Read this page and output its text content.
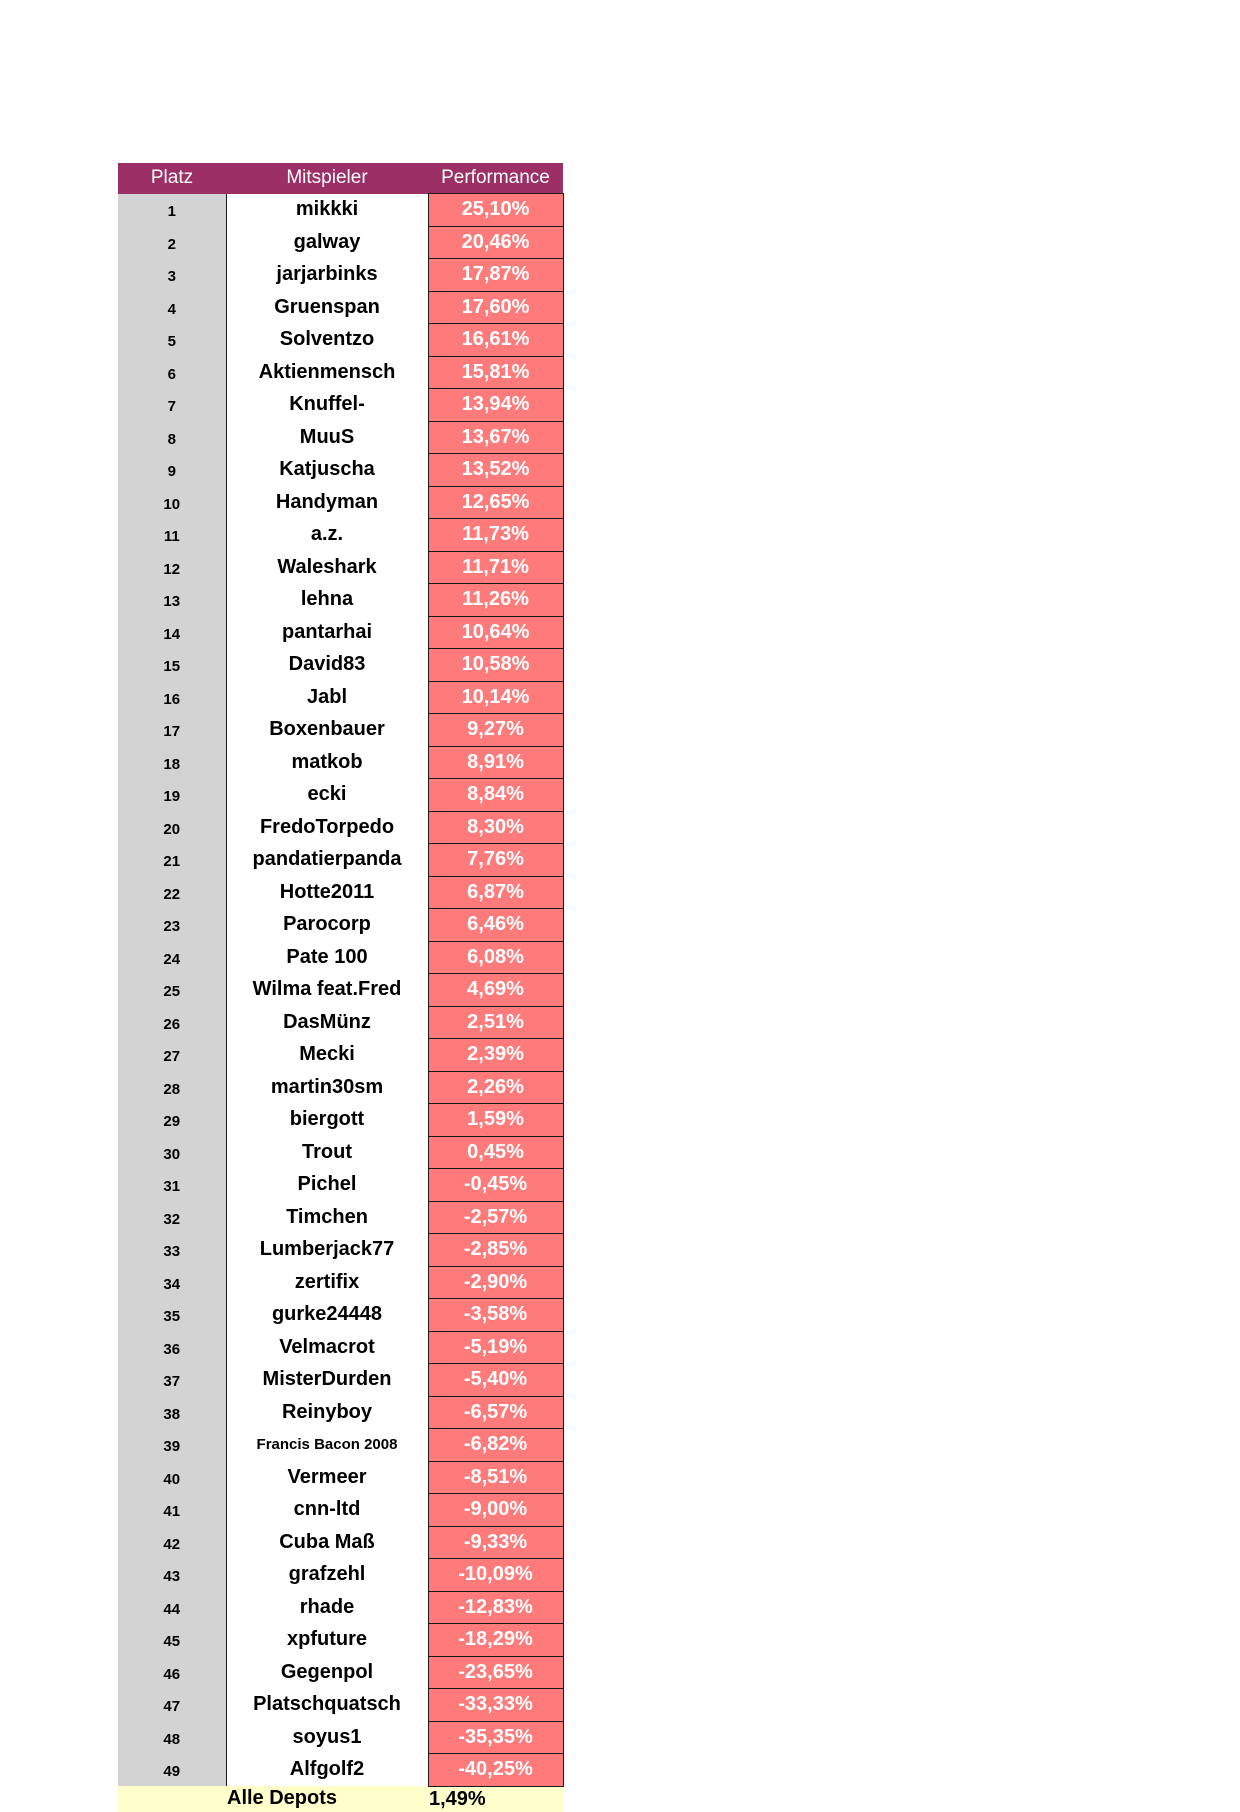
Platz	Mitspieler	Performance
1	mikkki	25,10%
2	galway	20,46%
3	jarjarbinks	17,87%
4	Gruenspan	17,60%
5	Solventzo	16,61%
6	Aktienmensch	15,81%
7	Knuffel-	13,94%
8	MuuS	13,67%
9	Katjuscha	13,52%
10	Handyman	12,65%
11	a.z.	11,73%
12	Waleshark	11,71%
13	lehna	11,26%
14	pantarhai	10,64%
15	David83	10,58%
16	Jabl	10,14%
17	Boxenbauer	9,27%
18	matkob	8,91%
19	ecki	8,84%
20	FredoTorpedo	8,30%
21	pandatierpanda	7,76%
22	Hotte2011	6,87%
23	Parocorp	6,46%
24	Pate 100	6,08%
25	Wilma feat.Fred	4,69%
26	DasMünz	2,51%
27	Mecki	2,39%
28	martin30sm	2,26%
29	biergott	1,59%
30	Trout	0,45%
31	Pichel	-0,45%
32	Timchen	-2,57%
33	Lumberjack77	-2,85%
34	zertifix	-2,90%
35	gurke24448	-3,58%
36	Velmacrot	-5,19%
37	MisterDurden	-5,40%
38	Reinyboy	-6,57%
39	Francis Bacon 2008	-6,82%
40	Vermeer	-8,51%
41	cnn-ltd	-9,00%
42	Cuba Maß	-9,33%
43	grafzehl	-10,09%
44	rhade	-12,83%
45	xpfuture	-18,29%
46	Gegenpol	-23,65%
47	Platschquatsch	-33,33%
48	soyus1	-35,35%
49	Alfgolf2	-40,25%
	Alle Depots	1,49%
